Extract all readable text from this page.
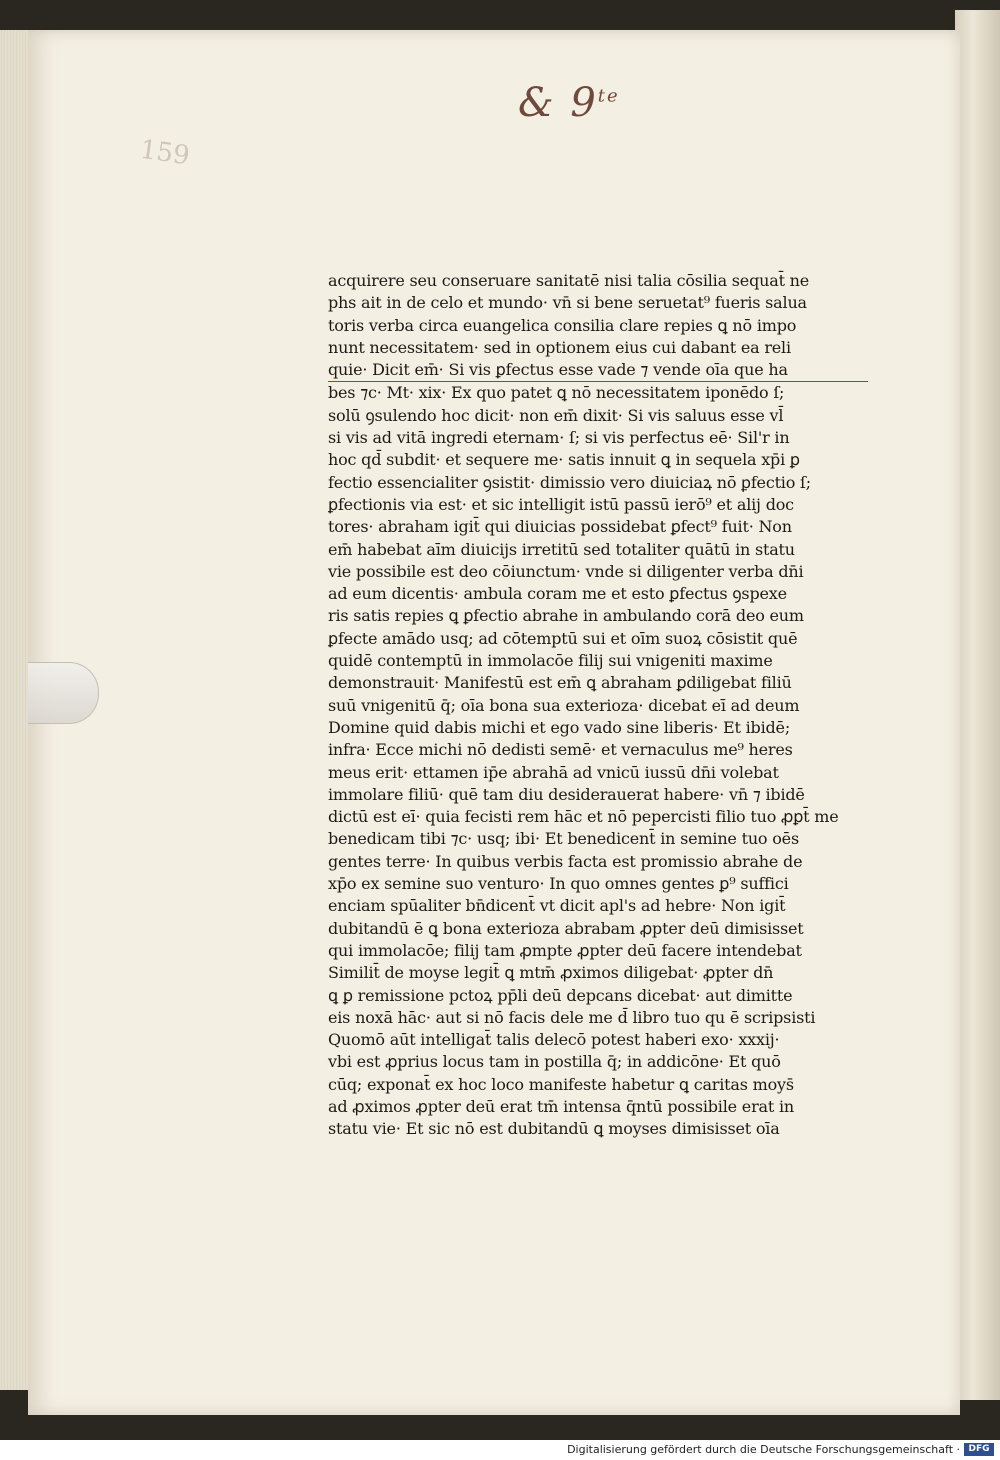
& $9^{te}$
159
acquirere seu conseruare sanitatē nisi talia cōsilia sequat̄ ne
phs ait in de celo et mundo· vn̄ si bene seruetat⁹ fueris salua
toris verba circa euangelica consilia clare repies ꝗ nō impo
nunt necessitatem· sed in optionem eius cui dabant ea reli
quie· Dicit em̄· Si vis ꝑfectus esse vade ⁊ vende oīa que ha
bes ⁊c· Mt· xix· Ex quo patet ꝗ nō necessitatem iponēdo ſ;
solū ꝯsulendo hoc dicit· non em̄ dixit· Si vis saluus esse vl̄
si vis ad vitā ingredi eternam· ſ; si vis perfectus eē· Sil'r in
hoc qd̄ subdit· et sequere me· satis innuit ꝗ in sequela xp̄i ꝑ
fectio essencialiter ꝯsistit· dimissio vero diuiciaꝝ nō ꝑfectio ſ;
ꝑfectionis via est· et sic intelligit istū passū ierō⁹ et alij doc
tores· abraham igit̄ qui diuicias possidebat ꝑfect⁹ fuit· Non
em̄ habebat aīm diuicijs irretitū sed totaliter quātū in statu
vie possibile est deo cōiunctum· vnde si diligenter verba dn̄i
ad eum dicentis· ambula coram me et esto ꝑfectus ꝯspexe
ris satis repies ꝗ ꝑfectio abrahe in ambulando corā deo eum
ꝑfecte amādo usq; ad cōtemptū sui et oīm suoꝝ cōsistit quē
quidē contemptū in immolacōe filij sui vnigeniti maxime
demonstrauit· Manifestū est em̄ ꝗ abraham ꝑdiligebat filiū
suū vnigenitū q̄; oīa bona sua exterioza· dicebat eī ad deum
Domine quid dabis michi et ego vado sine liberis· Et ibidē;
infra· Ecce michi nō dedisti semē· et vernaculus me⁹ heres
meus erit· ettamen ip̄e abrahā ad vnicū iussū dn̄i volebat
immolare filiū· quē tam diu desiderauerat habere· vn̄ ⁊ ibidē
dictū est eī· quia fecisti rem hāc et nō pepercisti filio tuo ꝓꝑt̄ me
benedicam tibi ⁊c· usq; ibi· Et benedicent̄ in semine tuo oēs
gentes terre· In quibus verbis facta est promissio abrahe de
xp̄o ex semine suo venturo· In quo omnes gentes ꝑ⁹ suffici
enciam spūaliter bn̄dicent̄ vt dicit apl's ad hebre· Non igit̄
dubitandū ē ꝗ bona exterioza abrabam ꝓpter deū dimisisset
qui immolacōe; filij tam ꝓmpte ꝓpter deū facere intendebat
Similit̄ de moyse legit̄ ꝗ mtm̄ ꝓximos diligebat· ꝓpter dn̄
ꝗ ꝑ remissione pctoꝝ pp̄li deū depcans dicebat· aut dimitte
eis noxā hāc· aut si nō facis dele me d̄ libro tuo qu ē scripsisti
Quomō aūt intelligat̄ talis delecō potest haberi exo· xxxij·
vbi est ꝓprius locus tam in postilla q̄; in addicōne· Et quō
cūq; exponat̄ ex hoc loco manifeste habetur ꝗ caritas moys̄
ad ꝓximos ꝓpter deū erat tm̄ intensa q̄ntū possibile erat in
statu vie· Et sic nō est dubitandū ꝗ moyses dimisisset oīa
Digitalisierung gefördert durch die Deutsche Forschungsgemeinschaft · DFG
